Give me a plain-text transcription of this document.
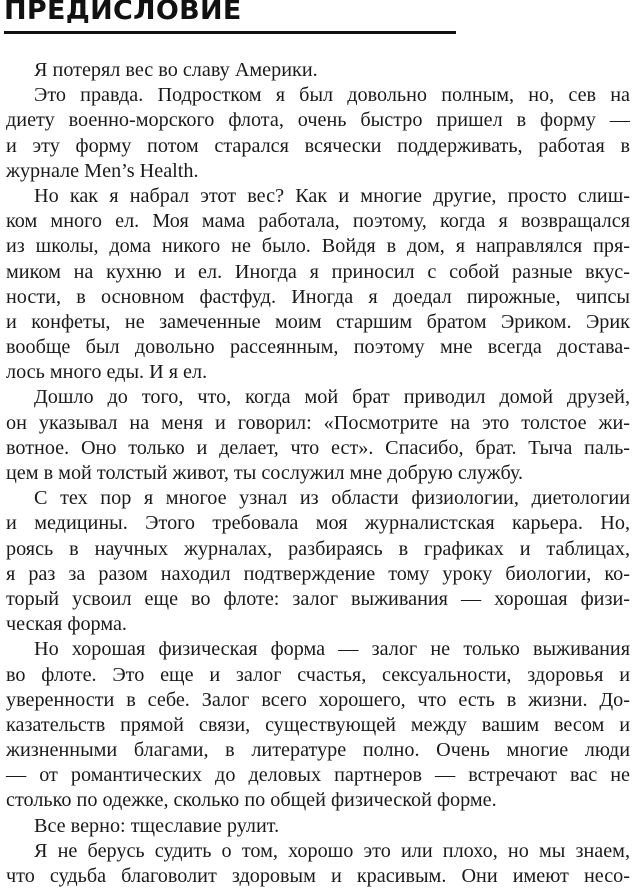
ПРЕДИСЛОВИЕ
Я потерял вес во славу Америки.
Это правда. Подростком я был довольно полным, но, сев на
диету военно-морского флота, очень быстро пришел в форму —
и эту форму потом старался всячески поддерживать, работая в
журнале Men’s Health.
Но как я набрал этот вес? Как и многие другие, просто слиш-
ком много ел. Моя мама работала, поэтому, когда я возвращался
из школы, дома никого не было. Войдя в дом, я направлялся пря-
миком на кухню и ел. Иногда я приносил с собой разные вкус-
ности, в основном фастфуд. Иногда я доедал пирожные, чипсы
и конфеты, не замеченные моим старшим братом Эриком. Эрик
вообще был довольно рассеянным, поэтому мне всегда достава-
лось много еды. И я ел.
Дошло до того, что, когда мой брат приводил домой друзей,
он указывал на меня и говорил: «Посмотрите на это толстое жи-
вотное. Оно только и делает, что ест». Спасибо, брат. Тыча паль-
цем в мой толстый живот, ты сослужил мне добрую службу.
С тех пор я многое узнал из области физиологии, диетологии
и медицины. Этого требовала моя журналистская карьера. Но,
роясь в научных журналах, разбираясь в графиках и таблицах,
я раз за разом находил подтверждение тому уроку биологии, ко-
торый усвоил еще во флоте: залог выживания — хорошая физи-
ческая форма.
Но хорошая физическая форма — залог не только выживания
во флоте. Это еще и залог счастья, сексуальности, здоровья и
уверенности в себе. Залог всего хорошего, что есть в жизни. До-
казательств прямой связи, существующей между вашим весом и
жизненными благами, в литературе полно. Очень многие люди
— от романтических до деловых партнеров — встречают вас не
столько по одежке, сколько по общей физической форме.
Все верно: тщеславие рулит.
Я не берусь судить о том, хорошо это или плохо, но мы знаем,
что судьба благоволит здоровым и красивым. Они имеют несо-
